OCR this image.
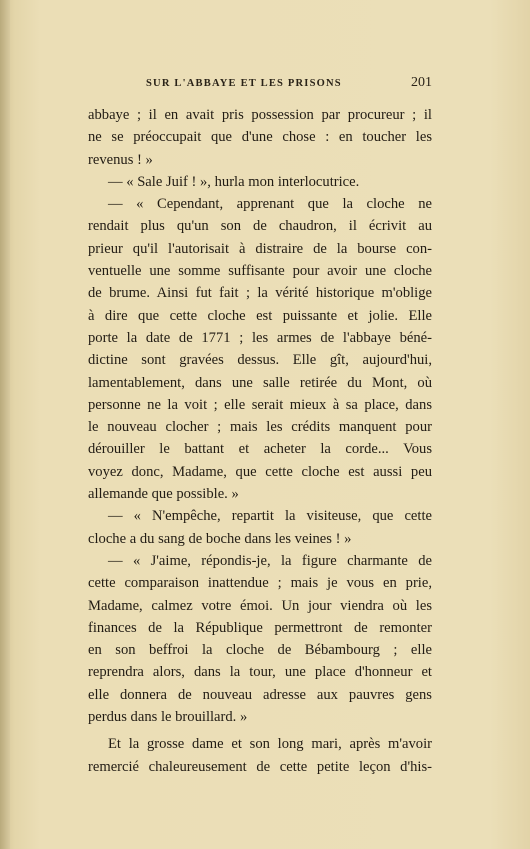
SUR L'ABBAYE ET LES PRISONS	201
abbaye ; il en avait pris possession par procureur ; il
ne se préoccupait que d'une chose : en toucher les
revenus ! »
— « Sale Juif ! », hurla mon interlocutrice.
— « Cependant, apprenant que la cloche ne
rendait plus qu'un son de chaudron, il écrivit au
prieur qu'il l'autorisait à distraire de la bourse con-
ventuelle une somme suffisante pour avoir une cloche
de brume. Ainsi fut fait ; la vérité historique m'oblige
à dire que cette cloche est puissante et jolie. Elle
porte la date de 1771 ; les armes de l'abbaye béné-
dictine sont gravées dessus. Elle gît, aujourd'hui,
lamentablement, dans une salle retirée du Mont, où
personne ne la voit ; elle serait mieux à sa place, dans
le nouveau clocher ; mais les crédits manquent pour
dérouiller le battant et acheter la corde... Vous
voyez donc, Madame, que cette cloche est aussi peu
allemande que possible. »
— « N'empêche, repartit la visiteuse, que cette
cloche a du sang de boche dans les veines ! »
— « J'aime, répondis-je, la figure charmante de
cette comparaison inattendue ; mais je vous en prie,
Madame, calmez votre émoi. Un jour viendra où les
finances de la République permettront de remonter
en son beffroi la cloche de Bébambourg ; elle
reprendra alors, dans la tour, une place d'honneur et
elle donnera de nouveau adresse aux pauvres gens
perdus dans le brouillard. »
Et la grosse dame et son long mari, après m'avoir
remercié chaleureusement de cette petite leçon d'his-
